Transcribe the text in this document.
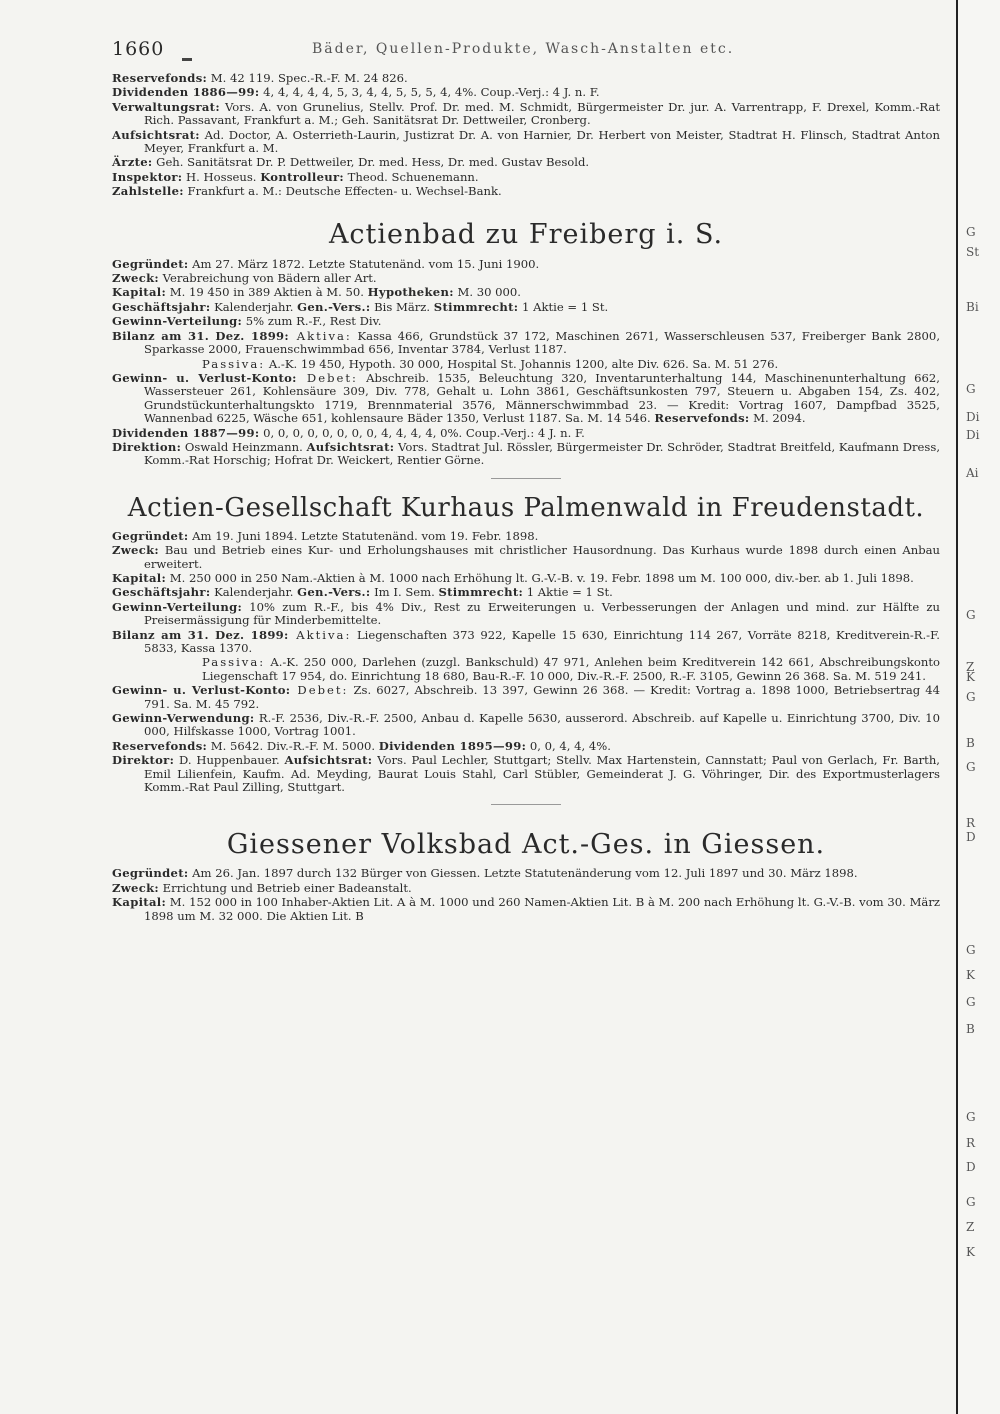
1660	Bäder, Quellen-Produkte, Wasch-Anstalten etc.

Reservefonds: M. 42 119. Spec.-R.-F. M. 24 826.

Dividenden 1886—99: 4, 4, 4, 4, 4, 5, 3, 4, 4, 5, 5, 5, 4, 4%. Coup.-Verj.: 4 J. n. F.

Verwaltungsrat: Vors. A. von Grunelius, Stellv. Prof. Dr. med. M. Schmidt, Bürgermeister Dr. jur. A. Varrentrapp, F. Drexel, Komm.-Rat Rich. Passavant, Frankfurt a. M.; Geh. Sanitätsrat Dr. Dettweiler, Cronberg.

Aufsichtsrat: Ad. Doctor, A. Osterrieth-Laurin, Justizrat Dr. A. von Harnier, Dr. Herbert von Meister, Stadtrat H. Flinsch, Stadtrat Anton Meyer, Frankfurt a. M.

Ärzte: Geh. Sanitätsrat Dr. P. Dettweiler, Dr. med. Hess, Dr. med. Gustav Besold.

Inspektor: H. Hosseus. Kontrolleur: Theod. Schuenemann.

Zahlstelle: Frankfurt a. M.: Deutsche Effecten- u. Wechsel-Bank.

Actienbad zu Freiberg i. S.

Gegründet: Am 27. März 1872. Letzte Statutenänd. vom 15. Juni 1900.

Zweck: Verabreichung von Bädern aller Art.

Kapital: M. 19 450 in 389 Aktien à M. 50. Hypotheken: M. 30 000.

Geschäftsjahr: Kalenderjahr. Gen.-Vers.: Bis März. Stimmrecht: 1 Aktie = 1 St.

Gewinn-Verteilung: 5% zum R.-F., Rest Div.

Bilanz am 31. Dez. 1899: Aktiva: Kassa 466, Grundstück 37 172, Maschinen 2671, Wasserschleusen 537, Freiberger Bank 2800, Sparkasse 2000, Frauenschwimmbad 656, Inventar 3784, Verlust 1187.

Passiva: A.-K. 19 450, Hypoth. 30 000, Hospital St. Johannis 1200, alte Div. 626. Sa. M. 51 276.

Gewinn- u. Verlust-Konto: Debet: Abschreib. 1535, Beleuchtung 320, Inventarunterhaltung 144, Maschinenunterhaltung 662, Wassersteuer 261, Kohlensäure 309, Div. 778, Gehalt u. Lohn 3861, Geschäftsunkosten 797, Steuern u. Abgaben 154, Zs. 402, Grundstückunterhaltungskto 1719, Brennmaterial 3576, Männerschwimmbad 23. — Kredit: Vortrag 1607, Dampfbad 3525, Wannenbad 6225, Wäsche 651, kohlensaure Bäder 1350, Verlust 1187. Sa. M. 14 546. Reservefonds: M. 2094.

Dividenden 1887—99: 0, 0, 0, 0, 0, 0, 0, 0, 4, 4, 4, 4, 0%. Coup.-Verj.: 4 J. n. F.

Direktion: Oswald Heinzmann. Aufsichtsrat: Vors. Stadtrat Jul. Rössler, Bürgermeister Dr. Schröder, Stadtrat Breitfeld, Kaufmann Dress, Komm.-Rat Horschig; Hofrat Dr. Weickert, Rentier Görne.

Actien-Gesellschaft Kurhaus Palmenwald in Freudenstadt.

Gegründet: Am 19. Juni 1894. Letzte Statutenänd. vom 19. Febr. 1898.

Zweck: Bau und Betrieb eines Kur- und Erholungshauses mit christlicher Hausordnung. Das Kurhaus wurde 1898 durch einen Anbau erweitert.

Kapital: M. 250 000 in 250 Nam.-Aktien à M. 1000 nach Erhöhung lt. G.-V.-B. v. 19. Febr. 1898 um M. 100 000, div.-ber. ab 1. Juli 1898.

Geschäftsjahr: Kalenderjahr. Gen.-Vers.: Im I. Sem. Stimmrecht: 1 Aktie = 1 St.

Gewinn-Verteilung: 10% zum R.-F., bis 4% Div., Rest zu Erweiterungen u. Verbesserungen der Anlagen und mind. zur Hälfte zu Preisermässigung für Minderbemittelte.

Bilanz am 31. Dez. 1899: Aktiva: Liegenschaften 373 922, Kapelle 15 630, Einrichtung 114 267, Vorräte 8218, Kreditverein-R.-F. 5833, Kassa 1370.

Passiva: A.-K. 250 000, Darlehen (zuzgl. Bankschuld) 47 971, Anlehen beim Kreditverein 142 661, Abschreibungskonto Liegenschaft 17 954, do. Einrichtung 18 680, Bau-R.-F. 10 000, Div.-R.-F. 2500, R.-F. 3105, Gewinn 26 368. Sa. M. 519 241.

Gewinn- u. Verlust-Konto: Debet: Zs. 6027, Abschreib. 13 397, Gewinn 26 368. — Kredit: Vortrag a. 1898 1000, Betriebsertrag 44 791. Sa. M. 45 792.

Gewinn-Verwendung: R.-F. 2536, Div.-R.-F. 2500, Anbau d. Kapelle 5630, ausserord. Abschreib. auf Kapelle u. Einrichtung 3700, Div. 10 000, Hilfskasse 1000, Vortrag 1001.

Reservefonds: M. 5642. Div.-R.-F. M. 5000. Dividenden 1895—99: 0, 0, 4, 4, 4%.

Direktor: D. Huppenbauer. Aufsichtsrat: Vors. Paul Lechler, Stuttgart; Stellv. Max Hartenstein, Cannstatt; Paul von Gerlach, Fr. Barth, Emil Lilienfein, Kaufm. Ad. Meyding, Baurat Louis Stahl, Carl Stübler, Gemeinderat J. G. Vöhringer, Dir. des Exportmusterlagers Komm.-Rat Paul Zilling, Stuttgart.

Giessener Volksbad Act.-Ges. in Giessen.

Gegründet: Am 26. Jan. 1897 durch 132 Bürger von Giessen. Letzte Statutenänderung vom 12. Juli 1897 und 30. März 1898.

Zweck: Errichtung und Betrieb einer Badeanstalt.

Kapital: M. 152 000 in 100 Inhaber-Aktien Lit. A à M. 1000 und 260 Namen-Aktien Lit. B à M. 200 nach Erhöhung lt. G.-V.-B. vom 30. März 1898 um M. 32 000. Die Aktien Lit. B

G
St
Bi
G
Di
Di
Ai
G
Z
K
G
B
G
R
D
G
K
G
B
G
R
D
G
Z
K
